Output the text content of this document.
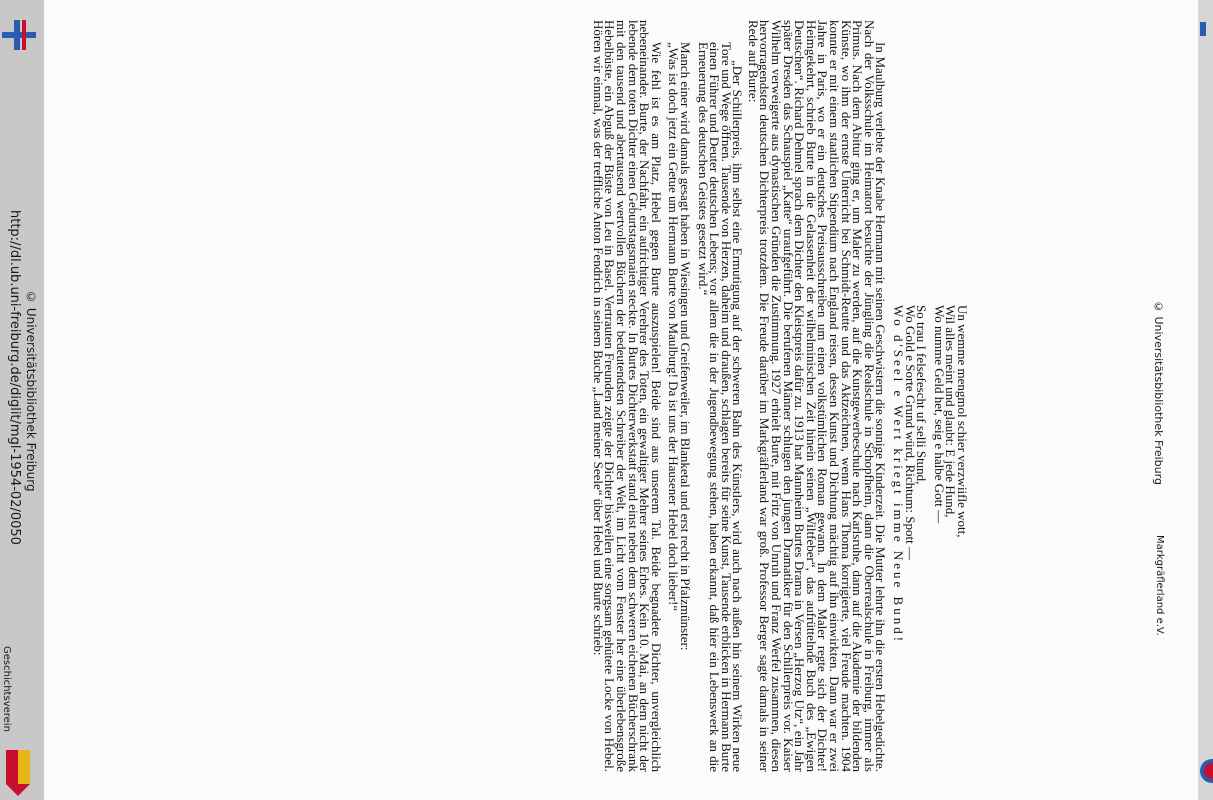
Un wemme mengmol schier verzwiifle wott,
Wil alles meint und glaubt: E jede Hund,
Wo numme Geld het, seig e halbe Gott —
So trau I felsefescht uf selli Stund,
Wo Gold e Sorte Grund würd, Richtum: Spott —
Wo d'Seel e Wert kriegt imme Neue Bund!

In Maulburg verlebte der Knabe Hermann mit seinen Geschwistern die sonnige Kinderzeit. Die Mutter lehrte ihn die ersten Hebelgedichte. Nach der Volksschule im Heimatort besuchte der Jüngling die Realschule in Schopfheim, dann die Oberrealschule in Freiburg, immer als Primus. Nach dem Abitur ging er, um Maler zu werden, auf die Kunstgewerbeschule nach Karlsruhe, dann auf die Akademie der bildenden Künste, wo ihm der ernste Unterricht bei Schmidt-Reutte und das Aktzeichnen, wenn Hans Thoma korrigierte, viel Freude machten. 1904 konnte er mit einem staatlichen Stipendium nach England reisen, dessen Kunst und Dichtung mächtig auf ihn einwirkten. Dann war er zwei Jahre in Paris, wo er ein deutsches Preisausschreiben um einen volkstümlichen Roman gewann. In dem Maler regte sich der Dichter! Heimgekehrt, schrieb Burte in die Gelassenheit der wilhelminischen Zeit hinein seinen „Wiltfeber“, das aufrüttelnde Buch des „Ewigen Deutschen“. Richard Dehmel sprach dem Dichter den Kleistpreis dafür zu. 1913 hat Mannheim Burtes Drama in Versen „Herzog Utz“, ein Jahr später Dresden das Schauspiel „Katte“ uraufgeführt. Die berufenen Männer schlugen den jungen Dramatiker für den Schillerpreis vor. Kaiser Wilhelm verweigerte aus dynastischen Gründen die Zustimmung. 1927 erhielt Burte, mit Fritz von Unruh und Franz Werfel zusammen, diesen hervorragendsten deutschen Dichterpreis trotzdem. Die Freude darüber im Markgräflerland war groß. Professor Berger sagte damals in seiner Rede auf Burte:

„Der Schillerpreis, ihm selbst eine Ermutigung auf der schweren Bahn des Künstlers, wird auch nach außen hin seinem Wirken neue Tore und Wege öffnen. Tausende von Herzen, daheim und draußen, schlagen bereits für seine Kunst, Tausende erblicken in Hermann Burte einen Führer und Deuter deutschen Lebens; vor allem die in der Jugendbewegung stehen, haben erkannt, daß hier ein Lebenswerk an die Erneuerung des deutschen Geistes gesetzt wird.“

Manch einer wird damals gesagt haben in Wiesingen und Greifenweiler, im Blanketal und erst recht in Pfalzmünster:

„Was ist doch jetzt ein Getue um Hermann Burte von Maulburg! Da ist uns der Hausener Hebel doch lieber!“

Wie fehl ist es am Platz, Hebel gegen Burte auszuspielen! Beide sind aus unserem Tal. Beide begnadete Dichter, unvergleichlich nebeneinander. Burte, der Nachfahr, ein aufrichtiger Verehrer des Toten, ein gewaltiger Mehrer seines Erbes. Kein 10. Mai, an dem nicht der lebende dem toten Dichter einen Geburtstagsmaien steckte. In Burtes Dichterwerkstatt stand einst neben dem schweren eichenen Bücherschrank mit den tausend und abertausend wertvollen Büchern der bedeutendsten Schreiber der Welt, im Licht vom Fenster her eine überlebensgroße Hebelbüste, ein Abguß der Büste von Leu in Basel. Vertrauten Freunden zeigte der Dichter bisweilen eine sorgsam gehütete Locke von Hebel. Hören wir einmal, was der treffliche Anton Fendrich in seinem Buche „Land meiner Seele“ über Hebel und Burte schrieb:

http://dl.ub.uni-freiburg.de/diglit/mgl-1954-02/0050 © Universitätsbibliothek Freiburg
Geschichtsverein
© Universitätsbibliothek Freiburg
Markgräflerland e.V.
